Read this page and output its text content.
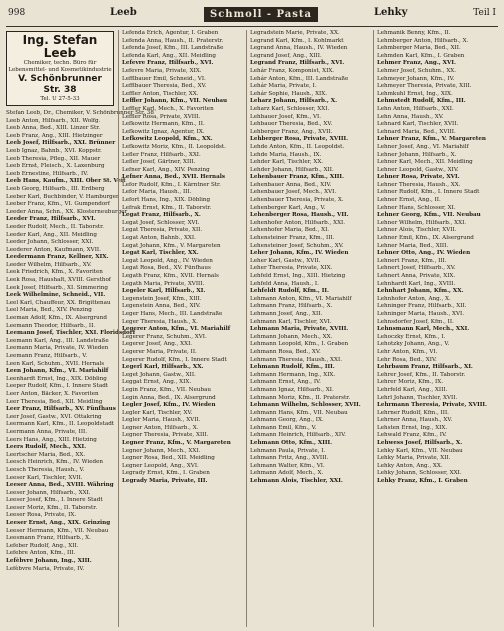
998	Leeb	Schmoll - Pasta	Lehky	Teil I
Ing. Stefan Leeb
Chemiker, techn. Büro für Lebensmittel- und Kosmetikindustrie
V. Schönbrunner Str. 38
Tel. U 27-5-33
Stefan Leeb, Dr., Chemiker, V. Schönbrunner Str. 38
Leeb Anton, Hilfsarb., XII. Wolfg.
Leeb Anna, Bed., XIII. Linzer Str.
Leeb Franz, Ang., XIII. Hietzinger
Leeb Josef, Hilfsarb., XXI. Brünner
Leeb Ignaz, Bahnb., XVI. Koppstr.
Leeb Theresia, Pfleg., XII. Mauer
Leeb Ernst, Fleisch., X. Laxenburg
Leeb Ernestine, Hilfsarb., IV.
Leeb Hans, Kaufm., XIII. Ober St. Veit
Leeb Georg, Hilfsarb., III. Erdberg
Leeber Karl, Buchbinder, V. Hamburger
Leeber Franz, Kfm., VI. Gumpendorf
Leeder Anna, Schn., XX. Klosterneuburger
Leeder Franz, Hilfsarb., XVI.
Leeder Rudolf, Mech., II. Taborstr.
Leeder Karl, Ang., XII. Meidling
Leeder Johann, Schlosser, XXI.
Leederer Anton, Kaufmann, XVII.
Leedermann Franz, Kellner, XIX.
Leeder Wilhelm, Hilfsarb., XV.
Leek Friedrich, Kfm., X. Favoriten
Leek Rosa, Haushalt, XVIII. Gersthof
Leek Josef, Hilfsarb., XI. Simmering
Leek Wilhelmine, Schneid., VII.
Leel Karl, Chauffeur, XX. Brigittenau
Leel Maria, Bed., XIV. Penzing
Leeman Adolf, Kfm., IX. Alsergrund
Leemann Theodor, Hilfsarb., II.
Leemann Josef, Tischler, XXI. Floridsdorf
Leemann Karl, Ang., III. Landstraße
Leemann Maria, Private, IV. Wieden
Leemann Franz, Hilfsarb., V.
Leen Karl, Schuhm., XVII. Hernals
Leen Johann, Kfm., VI. Mariahilf
Leenhardt Ernst, Ing., XIX. Döbling
Leeper Rudolf, Kfm., I. Innere Stadt
Leer Anton, Bäcker, X. Favoriten
Leer Theresia, Bed., XII. Meidling
Leer Franz, Hilfsarb., XV. Fünfhaus
Leer Josef, Gastw., XVI. Ottakring
Leermann Karl, Kfm., II. Leopoldstadt
Leermann Anna, Private, III.
Leers Hans, Ang., XIII. Hietzing
Leers Rudolf, Mech., XXI.
Leertscher Maria, Bed., XX.
Leesch Heinrich, Kfm., IV. Wieden
Leesch Theresia, Haush., V.
Leeser Karl, Tischler, XVII.
Leeser Anna, Bed., XVIII. Währing
Leeser Johann, Hilfsarb., XXI.
Leeser Josef, Kfm., I. Innere Stadt
Leeser Moriz, Kfm., II. Taborstr.
Leeser Rosa, Private, IX.
Leeser Ernst, Ang., XIX. Grinzing
Leeser Hermann, Kfm., VII. Neubau
Leesmann Franz, Hilfsarb., X.
Lefeber Rudolf, Ang., XII.
Lefebre Anton, Kfm., III.
Lefèbvre Johann, Ing., XIII.
Lefèbvre Maria, Private, IV.
Lefenda Erich, Agentur, I. Graben
Lefenda Anna, Haush., II. Praterstr.
Lefenda Josef, Kfm., III. Landstraße
Lefenda Karl, Ang., XII. Meidling
Lefevre Franz, Hilfsarb., XVI.
Lefevre Maria, Private, XIX.
Lefflbauer Emil, Schneid., VI.
Lefflbauer Theresia, Bed., XV.
Leffler Anton, Tischler, XX.
Leffler Johann, Kfm., VII. Neubau
Leffler Karl, Mech., X. Favoriten
Leffler Rosa, Private, XVIII.
Lefkowitz Hermann, Kfm., II.
Lefkowitz Ignaz, Agentur, IX.
Lefkowitz Leopold, Kfm., XX.
Lefkowitz Moriz, Kfm., II. Leopoldst.
Lefler Franz, Hilfsarb., XXI.
Lefler Josef, Gärtner, XIII.
Lefner Karl, Ang., XIV. Penzing
Lefner Anna, Bed., XVII. Hernals
Lefor Rudolf, Kfm., I. Kärntner Str.
Lefor Maria, Haush., III.
Lefort Hans, Ing., XIX. Döbling
Lefrak Ernst, Kfm., II. Taborstr.
Legat Franz, Hilfsarb., X.
Legat Josef, Schlosser, XVI.
Legat Theresia, Private, XII.
Legat Anton, Bahnb., XXI.
Legat Johann, Kfm., V. Margareten
Legat Karl, Tischler, XX.
Legat Leopold, Ang., IV. Wieden
Legat Rosa, Bed., XV. Fünfhaus
Legath Franz, Kfm., XVII. Hernals
Legath Maria, Private, XVIII.
Legeler Karl, Hilfsarb., XI.
Legenstein Josef, Kfm., XIII.
Legenstein Anna, Bed., XIV.
Leger Hans, Mech., III. Landstraße
Leger Theresia, Haush., X.
Legerer Anton, Kfm., VI. Mariahilf
Legerer Franz, Schuhm., XVI.
Legerer Josef, Ang., XXI.
Legerer Maria, Private, II.
Legerer Rudolf, Kfm., I. Innere Stadt
Legerl Karl, Hilfsarb., XX.
Leget Johann, Gastw., XII.
Leggat Ernst, Ang., XIX.
Legin Franz, Kfm., VII. Neubau
Legin Anna, Bed., IX. Alsergrund
Legler Josef, Kfm., IV. Wieden
Legler Karl, Tischler, XV.
Legler Maria, Haush., XVII.
Legner Anton, Hilfsarb., X.
Legner Theresia, Private, XIII.
Legner Franz, Kfm., V. Margareten
Legner Johann, Mech., XXI.
Legner Rosa, Bed., XII. Meidling
Legner Leopold, Ang., XVI.
Legrady Ernst, Kfm., I. Graben
Legrady Maria, Private, III.
Legradstein Marie, Private, XX.
Legrand Karl, Kfm., I. Kohlmarkt
Legrand Anna, Haush., IV. Wieden
Legrand Josef, Ang., XIII.
Legrand Franz, Hilfsarb., XVI.
Lehár Franz, Komponist, XIX.
Lehár Anton, Kfm., III. Landstraße
Lehár Maria, Private, I.
Lehár Sophie, Haush., XIX.
Leharz Johann, Hilfsarb., X.
Leharz Karl, Schlosser, XXI.
Lehbauer Josef, Kfm., VI.
Lehbauer Theresia, Bed., XV.
Lehberger Franz, Ang., XVII.
Lehberger Rosa, Private, XVIII.
Lehde Anton, Kfm., II. Leopoldst.
Lehde Maria, Haush., IX.
Lehder Karl, Tischler, XX.
Lehder Johann, Hilfsarb., XII.
Lehenbauer Franz, Kfm., XIII.
Lehenbauer Anna, Bed., XIV.
Lehenbauer Josef, Mech., XVI.
Lehenbauer Theresia, Private, X.
Lehenberger Karl, Ang., V.
Lehenberger Rosa, Haush., VII.
Lehenhofer Anton, Hilfsarb., XXI.
Lehenhofer Maria, Bed., XI.
Lehensteiner Franz, Kfm., III.
Lehensteiner Josef, Schuhm., XV.
Leher Johann, Kfm., IV. Wieden
Leher Karl, Gastw., XVII.
Leher Theresia, Private, XIX.
Lehfeld Ernst, Ing., XIII. Hietzing
Lehfeld Anna, Haush., I.
Lehfeldt Rudolf, Kfm., II.
Lehmann Anton, Kfm., VI. Mariahilf
Lehmann Franz, Hilfsarb., X.
Lehmann Josef, Ang., XII.
Lehmann Karl, Tischler, XVI.
Lehmann Maria, Private, XVIII.
Lehmann Johann, Mech., XX.
Lehmann Leopold, Kfm., I. Graben
Lehmann Rosa, Bed., XV.
Lehmann Theresia, Haush., XXI.
Lehmann Rudolf, Kfm., III.
Lehmann Hermann, Ing., XIX.
Lehmann Ernst, Ang., IV.
Lehmann Ignaz, Hilfsarb., XI.
Lehmann Moriz, Kfm., II. Praterstr.
Lehmann Wilhelm, Schlosser, XVII.
Lehmann Hans, Kfm., VII. Neubau
Lehmann Georg, Ang., IX.
Lehmann Emil, Kfm., V.
Lehmann Heinrich, Hilfsarb., XIV.
Lehmann Otto, Kfm., XIII.
Lehmann Paula, Private, I.
Lehmann Fritz, Ang., XVIII.
Lehmann Walter, Kfm., VI.
Lehmann Adolf, Mech., X.
Lehmann Alois, Tischler, XXI.
Lehmanik Benny, Kfm., II.
Lehmberger Anton, Hilfsarb., X.
Lehmberger Maria, Bed., XII.
Lehmden Karl, Kfm., I. Graben
Lehmer Franz, Ang., XVI.
Lehmer Josef, Schuhm., XX.
Lehmeyer Johann, Kfm., IV.
Lehmeyer Theresia, Private, XIII.
Lehmkuhl Ernst, Ing., XIX.
Lehmstedt Rudolf, Kfm., III.
Lehn Anton, Hilfsarb., XXI.
Lehn Anna, Haush., XV.
Lehnard Karl, Tischler, XVII.
Lehnard Maria, Bed., XVIII.
Lehner Franz, Kfm., V. Margareten
Lehner Josef, Ang., VI. Mariahilf
Lehner Johann, Hilfsarb., X.
Lehner Karl, Mech., XII. Meidling
Lehner Leopold, Gastw., XIV.
Lehner Rosa, Private, XVI.
Lehner Theresia, Haush., XX.
Lehner Rudolf, Kfm., I. Innere Stadt
Lehner Ernst, Ang., II.
Lehner Hans, Schlosser, XI.
Lehner Georg, Kfm., VII. Neubau
Lehner Wilhelm, Hilfsarb., XXI.
Lehner Alois, Tischler, XVII.
Lehner Emil, Kfm., IX. Alsergrund
Lehner Maria, Bed., XIII.
Lehner Otto, Ang., IV. Wieden
Lehnert Franz, Kfm., III.
Lehnert Josef, Hilfsarb., XV.
Lehnert Anna, Private, XIX.
Lehnhardt Karl, Ing., XVIII.
Lehnhart Johann, Kfm., XX.
Lehnhofer Anton, Ang., X.
Lehninger Franz, Hilfsarb., XII.
Lehninger Maria, Haush., XVI.
Lehnsdorfer Josef, Kfm., II.
Lehnsmann Karl, Mech., XXI.
Lehoczky Ernst, Kfm., I.
Lehotzky Johann, Ang., V.
Lehr Anton, Kfm., VI.
Lehr Rosa, Bed., XIV.
Lehrbaum Franz, Hilfsarb., XI.
Lehrer Josef, Kfm., II. Taborstr.
Lehrer Moriz, Kfm., IX.
Lehrfeld Karl, Ang., XIII.
Lehrl Johann, Tischler, XVII.
Lehrmann Theresia, Private, XVIII.
Lehrner Rudolf, Kfm., III.
Lehrner Anna, Haush., XV.
Lehsten Ernst, Ing., XIX.
Lehwald Franz, Kfm., IV.
Lehwess Josef, Hilfsarb., X.
Lehky Karl, Kfm., VII. Neubau
Lehky Maria, Private, XII.
Lehky Anton, Ang., XX.
Lehky Johann, Schlosser, XXI.
Lehky Franz, Kfm., I. Graben
